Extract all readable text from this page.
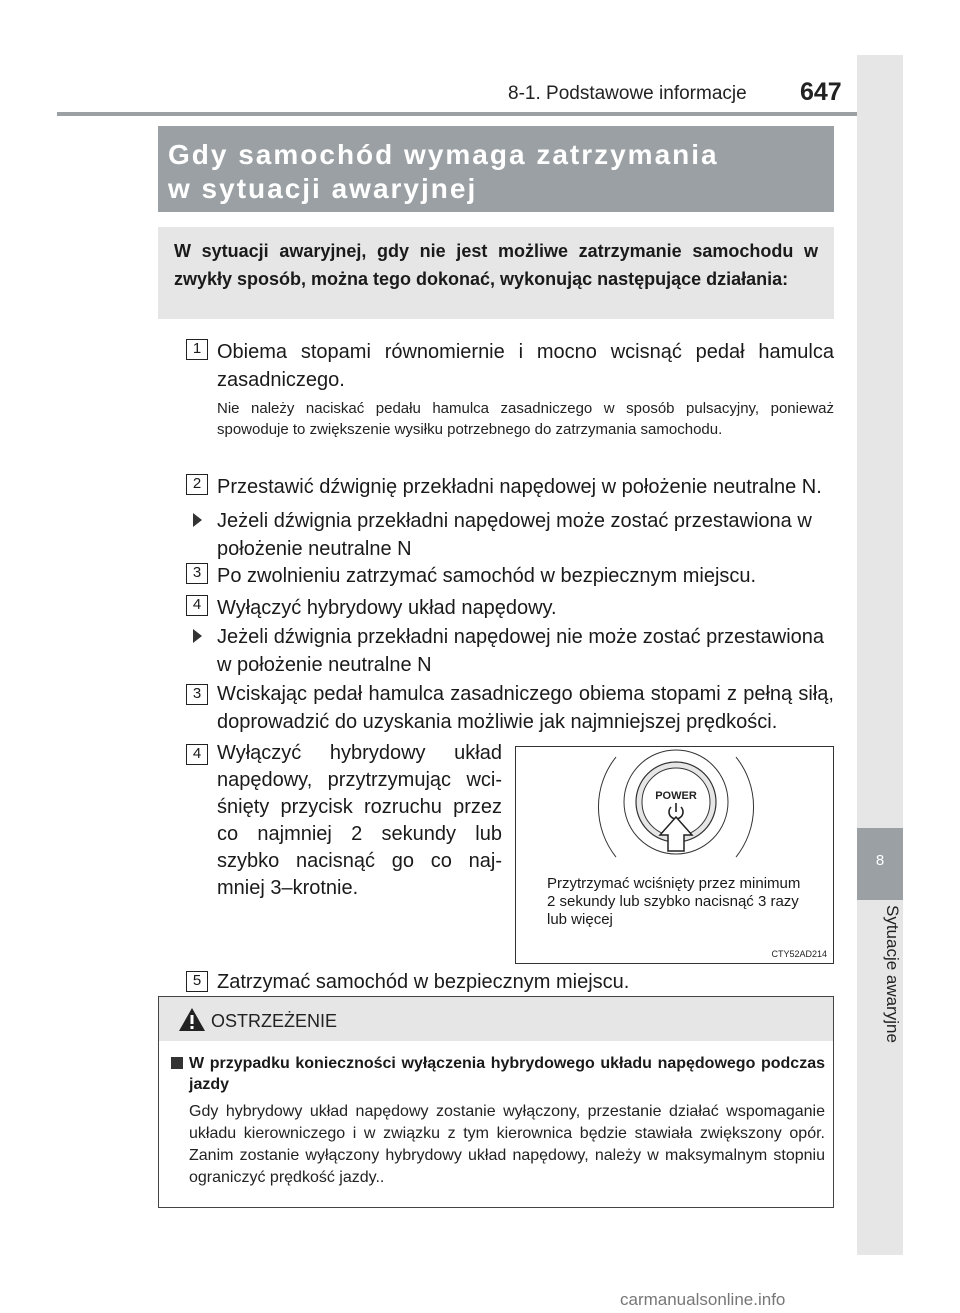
8
Sytuacje awaryjne
8-1. Podstawowe informacje 647
Gdy samochód wymaga zatrzymania
w sytuacji awaryjnej
W sytuacji awaryjnej, gdy nie jest możliwe zatrzymanie samochodu w zwykły sposób, można tego dokonać, wykonując następujące działania:
1 Obiema stopami równomiernie i mocno wcisnąć pedał hamulca zasadniczego.
Nie należy naciskać pedału hamulca zasadniczego w sposób pulsacyjny, ponieważ spowoduje to zwiększenie wysiłku potrzebnego do zatrzymania samochodu.
2 Przestawić dźwignię przekładni napędowej w położenie neutralne N.
Jeżeli dźwignia przekładni napędowej może zostać przestawiona w położenie neutralne N
3 Po zwolnieniu zatrzymać samochód w bezpiecznym miejscu.
4 Wyłączyć hybrydowy układ napędowy.
Jeżeli dźwignia przekładni napędowej nie może zostać przestawiona w położenie neutralne N
3 Wciskając pedał hamulca zasadniczego obiema stopami z pełną siłą, doprowadzić do uzyskania możliwie jak najmniejszej prędkości.
4 Wyłączyć hybrydowy układ
napędowy, przytrzymując wci-
śnięty przycisk rozruchu przez
co najmniej 2 sekundy lub
szybko nacisnąć go co naj-
mniej 3–krotnie.
POWER
Przytrzymać wciśnięty przez minimum 2 sekundy lub szybko nacisnąć 3 razy lub więcej
CTY52AD214
5 Zatrzymać samochód w bezpiecznym miejscu.
OSTRZEŻENIE
W przypadku konieczności wyłączenia hybrydowego układu napędowego podczas jazdy
Gdy hybrydowy układ napędowy zostanie wyłączony, przestanie działać wspomaganie układu kierowniczego i w związku z tym kierownica będzie stawiała zwiększony opór. Zanim zostanie wyłączony hybrydowy układ napędowy, należy w maksymalnym stopniu ograniczyć prędkość jazdy..
carmanualsonline.info
